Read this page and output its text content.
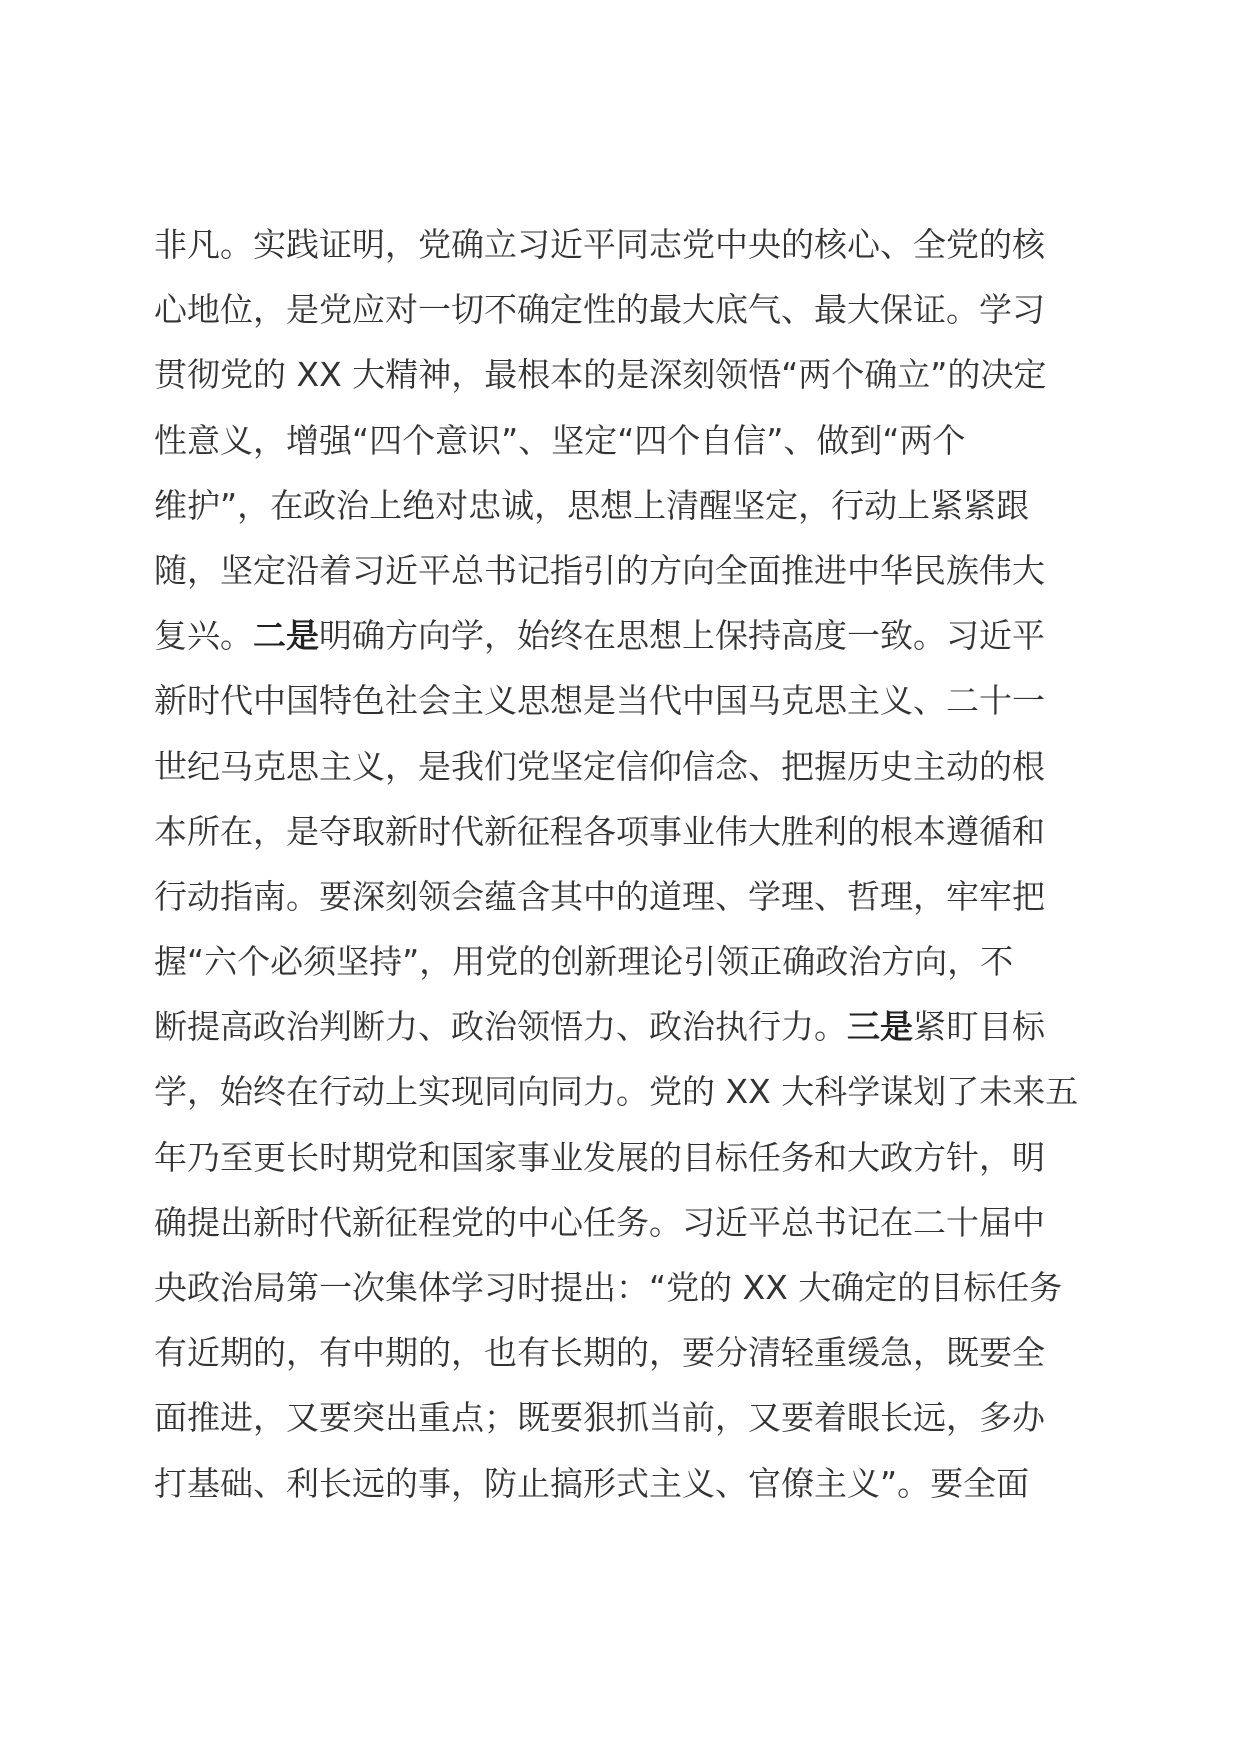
非凡。实践证明，党确立习近平同志党中央的核心、全党的核
心地位，是党应对一切不确定性的最大底气、最大保证。学习
贯彻党的 XX 大精神，最根本的是深刻领悟“两个确立”的决定
性意义，增强“四个意识”、坚定“四个自信”、做到“两个
维护”，在政治上绝对忠诚，思想上清醒坚定，行动上紧紧跟
随，坚定沿着习近平总书记指引的方向全面推进中华民族伟大
复兴。二是明确方向学，始终在思想上保持高度一致。习近平
新时代中国特色社会主义思想是当代中国马克思主义、二十一
世纪马克思主义，是我们党坚定信仰信念、把握历史主动的根
本所在，是夺取新时代新征程各项事业伟大胜利的根本遵循和
行动指南。要深刻领会蕴含其中的道理、学理、哲理，牢牢把
握“六个必须坚持”，用党的创新理论引领正确政治方向，不
断提高政治判断力、政治领悟力、政治执行力。三是紧盯目标
学，始终在行动上实现同向同力。党的 XX 大科学谋划了未来五
年乃至更长时期党和国家事业发展的目标任务和大政方针，明
确提出新时代新征程党的中心任务。习近平总书记在二十届中
央政治局第一次集体学习时提出：“党的 XX 大确定的目标任务
有近期的，有中期的，也有长期的，要分清轻重缓急，既要全
面推进，又要突出重点；既要狠抓当前，又要着眼长远，多办
打基础、利长远的事，防止搞形式主义、官僚主义”。要全面
